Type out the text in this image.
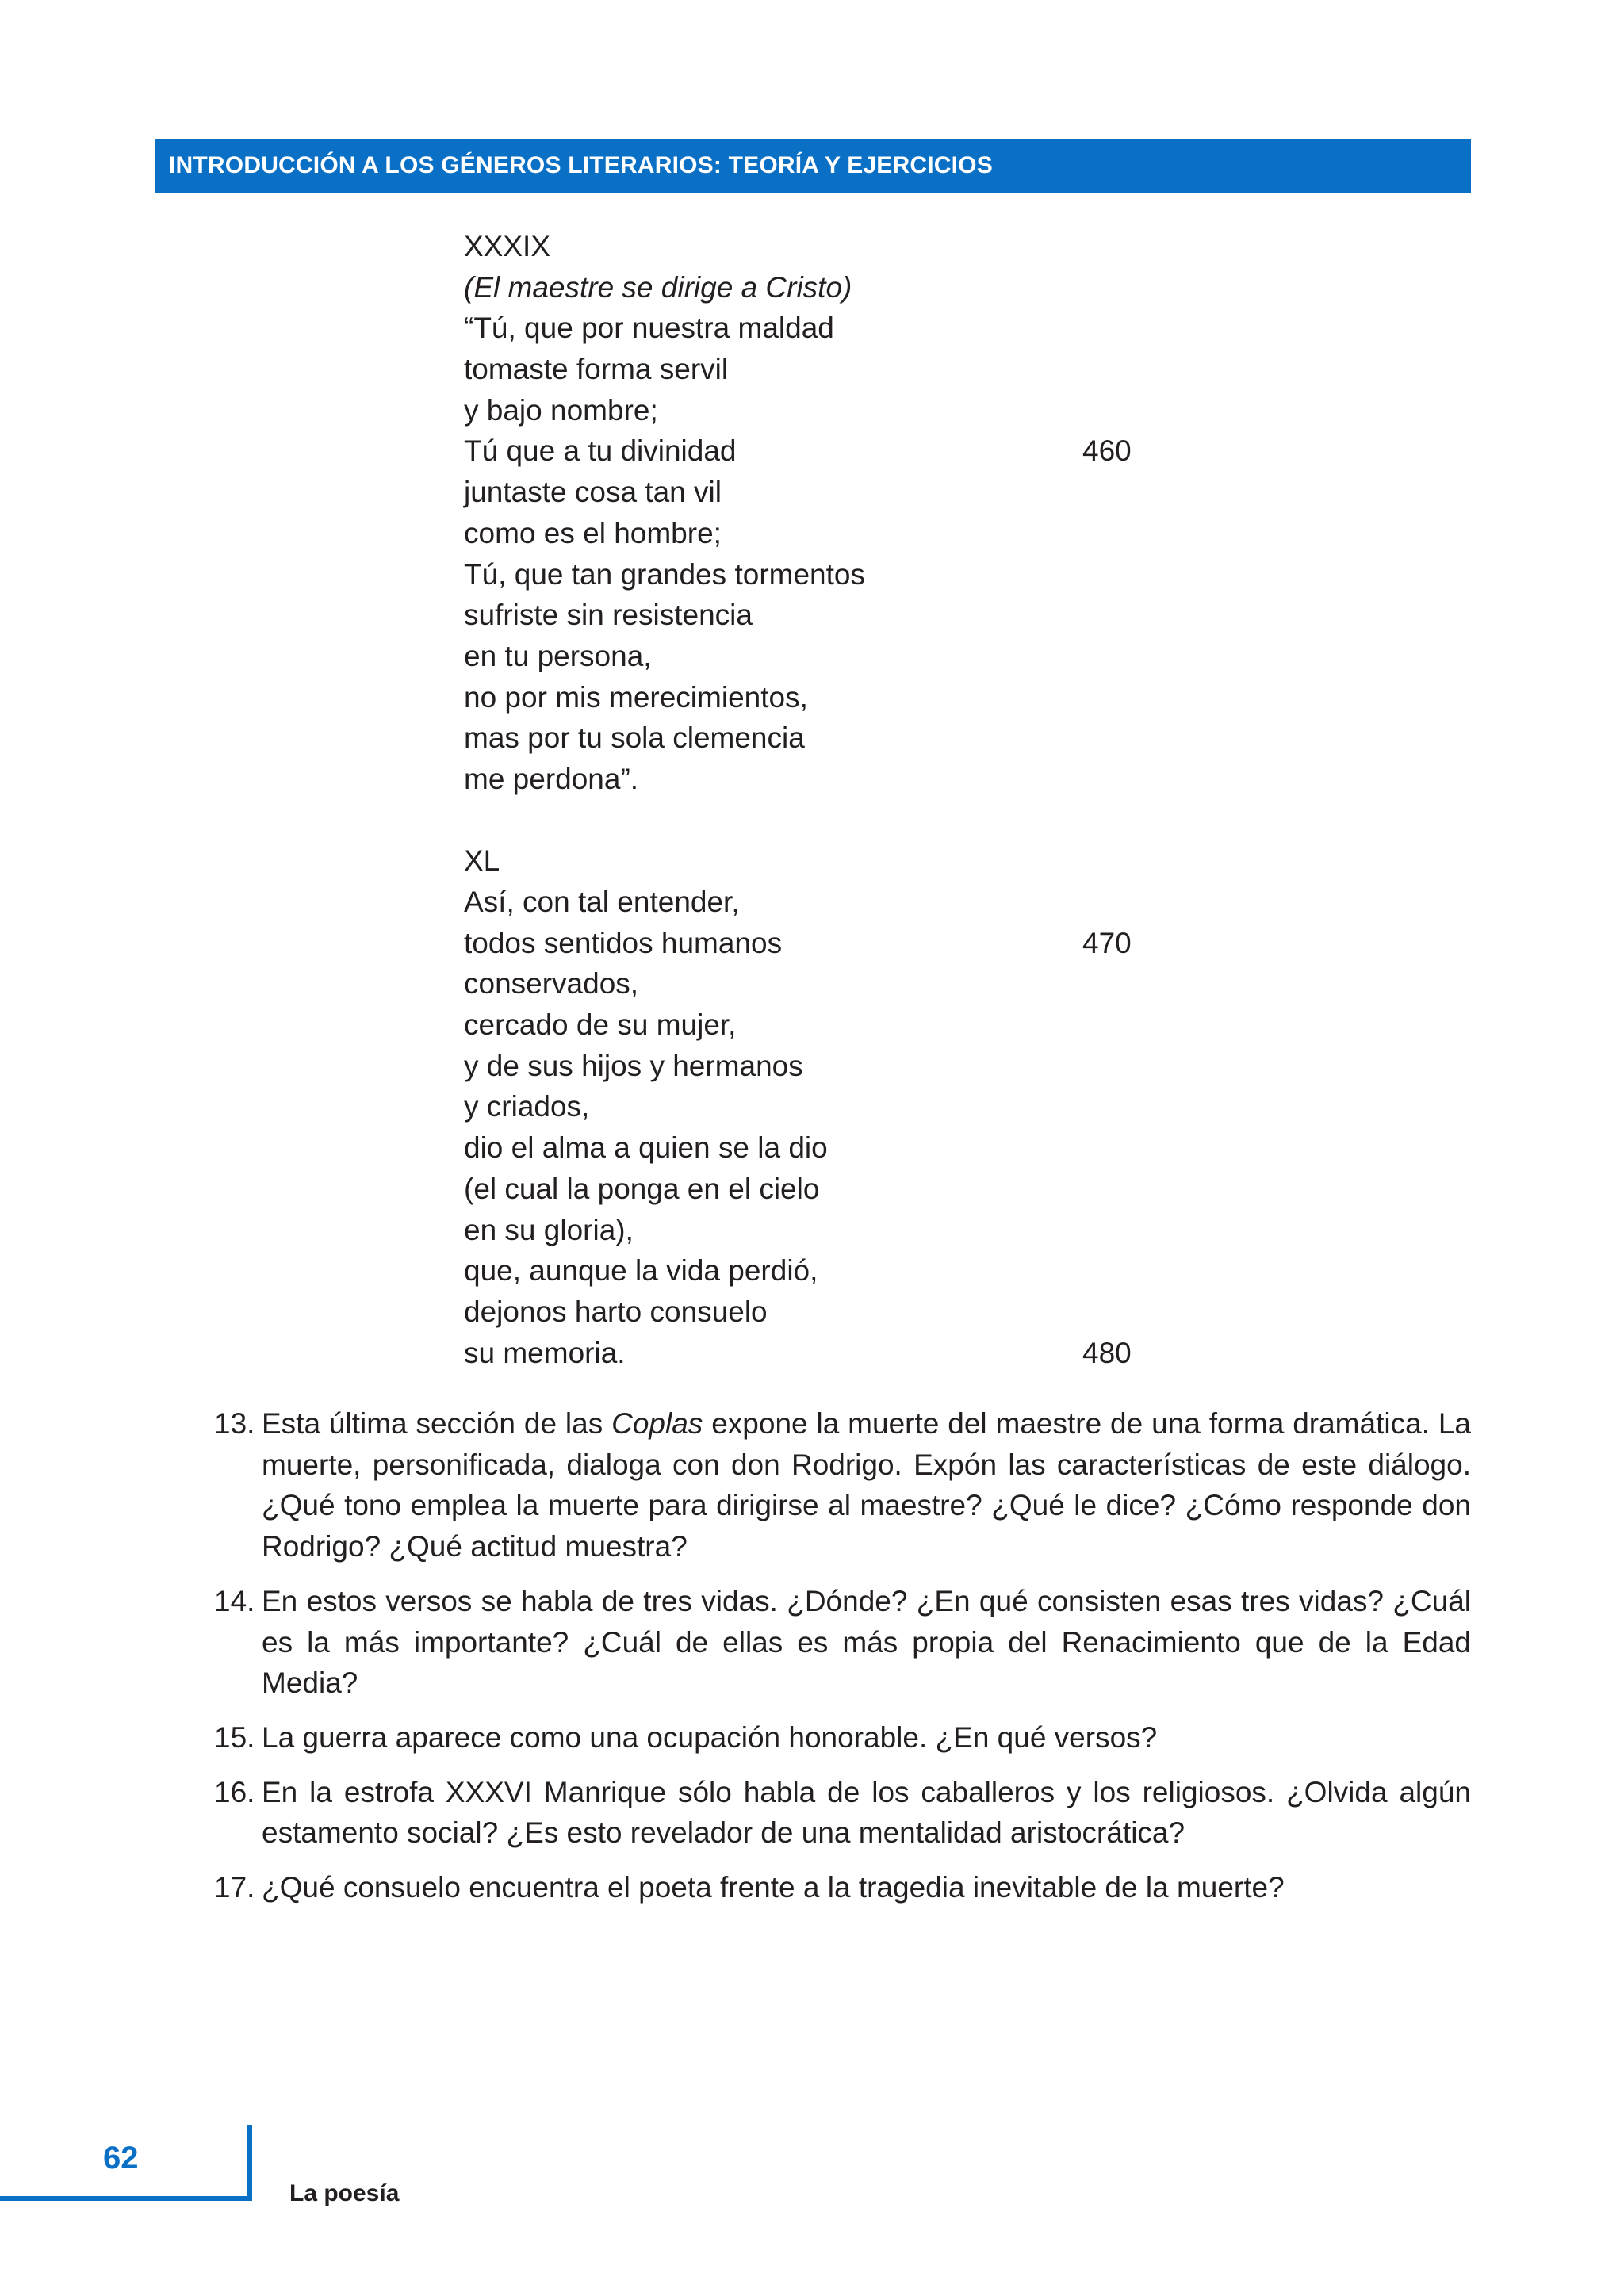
INTRODUCCIÓN A LOS GÉNEROS LITERARIOS: TEORÍA Y EJERCICIOS
XXXIX
(El maestre se dirige a Cristo)
“Tú, que por nuestra maldad
tomaste forma servil
y bajo nombre;
Tú que a tu divinidad	460
juntaste cosa tan vil
como es el hombre;
Tú, que tan grandes tormentos
sufriste sin resistencia
en tu persona,
no por mis merecimientos,
mas por tu sola clemencia
me perdona”.
XL
Así, con tal entender,
todos sentidos humanos	470
conservados,
cercado de su mujer,
y de sus hijos y hermanos
y criados,
dio el alma a quien se la dio
(el cual la ponga en el cielo
en su gloria),
que, aunque la vida perdió,
dejonos harto consuelo
su memoria.	480
13. Esta última sección de las Coplas expone la muerte del maestre de una forma dramática. La muerte, personificada, dialoga con don Rodrigo. Expón las características de este diálogo. ¿Qué tono emplea la muerte para dirigirse al maestre? ¿Qué le dice? ¿Cómo responde don Rodrigo? ¿Qué actitud muestra?
14. En estos versos se habla de tres vidas. ¿Dónde? ¿En qué consisten esas tres vidas? ¿Cuál es la más importante? ¿Cuál de ellas es más propia del Renacimiento que de la Edad Media?
15. La guerra aparece como una ocupación honorable. ¿En qué versos?
16. En la estrofa XXXVI Manrique sólo habla de los caballeros y los religiosos. ¿Olvida algún estamento social? ¿Es esto revelador de una mentalidad aristocrática?
17. ¿Qué consuelo encuentra el poeta frente a la tragedia inevitable de la muerte?
62
La poesía
